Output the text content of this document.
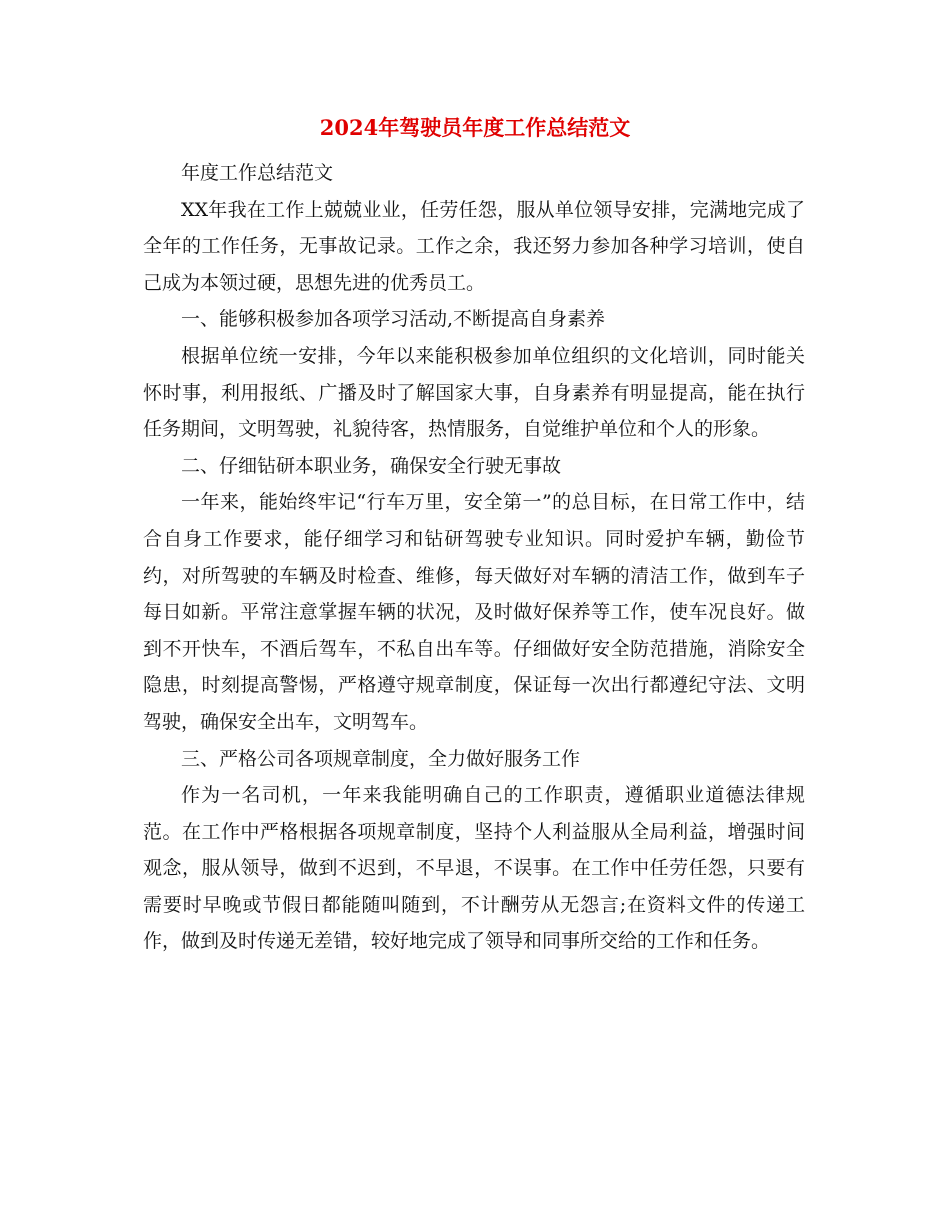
2024年驾驶员年度工作总结范文

年度工作总结范文

XX年我在工作上兢兢业业，任劳任怨，服从单位领导安排，完满地完成了全年的工作任务，无事故记录。工作之余，我还努力参加各种学习培训，使自己成为本领过硬，思想先进的优秀员工。

一、能够积极参加各项学习活动,不断提高自身素养

根据单位统一安排，今年以来能积极参加单位组织的文化培训，同时能关怀时事，利用报纸、广播及时了解国家大事，自身素养有明显提高，能在执行任务期间，文明驾驶，礼貌待客，热情服务，自觉维护单位和个人的形象。

二、仔细钻研本职业务，确保安全行驶无事故

一年来，能始终牢记“行车万里，安全第一”的总目标，在日常工作中，结合自身工作要求，能仔细学习和钻研驾驶专业知识。同时爱护车辆，勤俭节约，对所驾驶的车辆及时检查、维修，每天做好对车辆的清洁工作，做到车子每日如新。平常注意掌握车辆的状况，及时做好保养等工作，使车况良好。做到不开快车，不酒后驾车，不私自出车等。仔细做好安全防范措施，消除安全隐患，时刻提高警惕，严格遵守规章制度，保证每一次出行都遵纪守法、文明驾驶，确保安全出车，文明驾车。

三、严格公司各项规章制度，全力做好服务工作

作为一名司机，一年来我能明确自己的工作职责，遵循职业道德法律规范。在工作中严格根据各项规章制度，坚持个人利益服从全局利益，增强时间观念，服从领导，做到不迟到，不早退，不误事。在工作中任劳任怨，只要有需要时早晚或节假日都能随叫随到，不计酬劳从无怨言;在资料文件的传递工作，做到及时传递无差错，较好地完成了领导和同事所交给的工作和任务。
